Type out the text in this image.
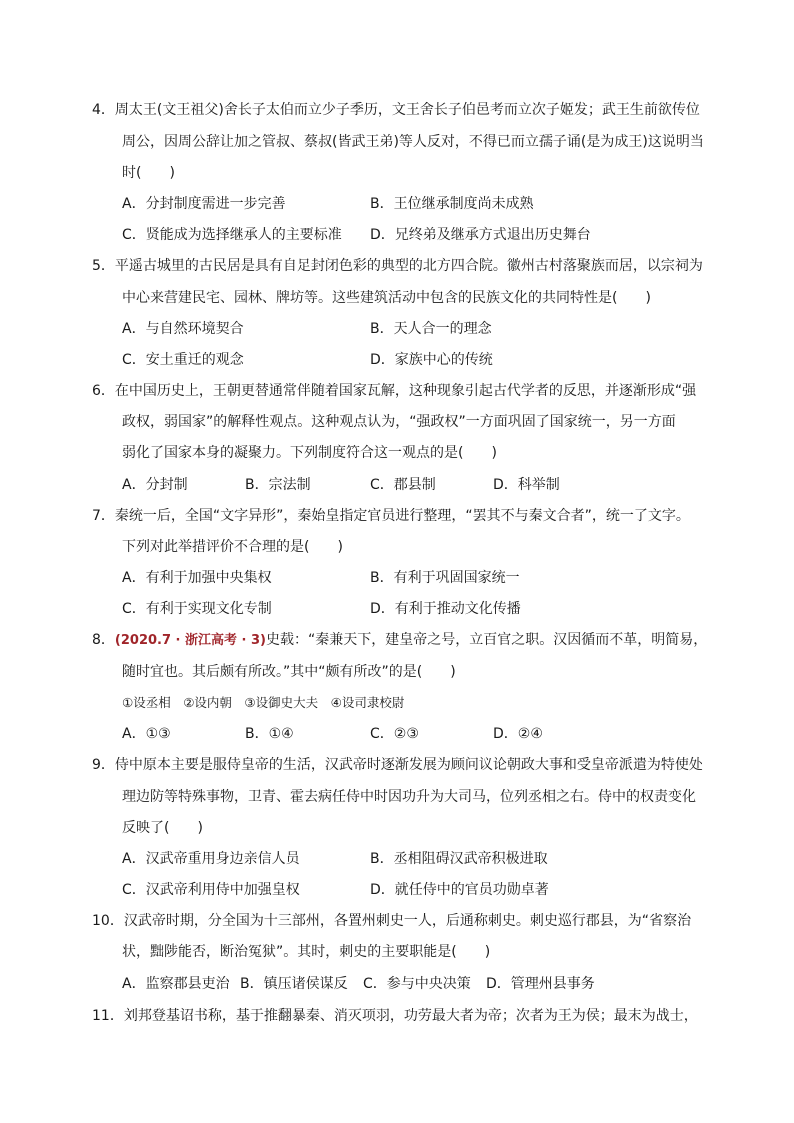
4．周太王(文王祖父)舍长子太伯而立少子季历，文王舍长子伯邑考而立次子姬发；武王生前欲传位
周公，因周公辞让加之管叔、蔡叔(皆武王弟)等人反对，不得已而立孺子诵(是为成王)这说明当
时(　　)
A．分封制度需进一步完善	B．王位继承制度尚未成熟
C．贤能成为选择继承人的主要标准 D．兄终弟及继承方式退出历史舞台
5．平遥古城里的古民居是具有自足封闭色彩的典型的北方四合院。徽州古村落聚族而居，以宗祠为
中心来营建民宅、园林、牌坊等。这些建筑活动中包含的民族文化的共同特性是(　　)
A．与自然环境契合	B．天人合一的理念
C．安土重迁的观念	D．家族中心的传统
6．在中国历史上，王朝更替通常伴随着国家瓦解，这种现象引起古代学者的反思，并逐渐形成“强
政权，弱国家”的解释性观点。这种观点认为，“强政权”一方面巩固了国家统一，另一方面
弱化了国家本身的凝聚力。下列制度符合这一观点的是(　　)
A．分封制	B．宗法制	C．郡县制	D．科举制
7．秦统一后，全国“文字异形”，秦始皇指定官员进行整理，“罢其不与秦文合者”，统一了文字。
下列对此举措评价不合理的是(　　)
A．有利于加强中央集权	B．有利于巩固国家统一
C．有利于实现文化专制	D．有利于推动文化传播
8．(2020.7 · 浙江高考 · 3)史载：“秦兼天下，建皇帝之号，立百官之职。汉因循而不革，明简易，
随时宜也。其后颇有所改。”其中“颇有所改”的是(　　)
①设丞相　②设内朝　③设御史大夫　④设司隶校尉
A．①③	B．①④	C．②③	D．②④
9．侍中原本主要是服侍皇帝的生活，汉武帝时逐渐发展为顾问议论朝政大事和受皇帝派遣为特使处
理边防等特殊事物，卫青、霍去病任侍中时因功升为大司马，位列丞相之右。侍中的权责变化
反映了(　　)
A．汉武帝重用身边亲信人员	B．丞相阻碍汉武帝积极进取
C．汉武帝利用侍中加强皇权	D．就任侍中的官员功勋卓著
10．汉武帝时期，分全国为十三部州，各置州刺史一人，后通称刺史。刺史巡行郡县，为“省察治
状，黜陟能否，断治冤狱”。其时，刺史的主要职能是(　　)
A．监察郡县吏治 B．镇压诸侯谋反 C．参与中央决策 D．管理州县事务
11．刘邦登基诏书称，基于推翻暴秦、消灭项羽，功劳最大者为帝；次者为王为侯；最末为战士，
